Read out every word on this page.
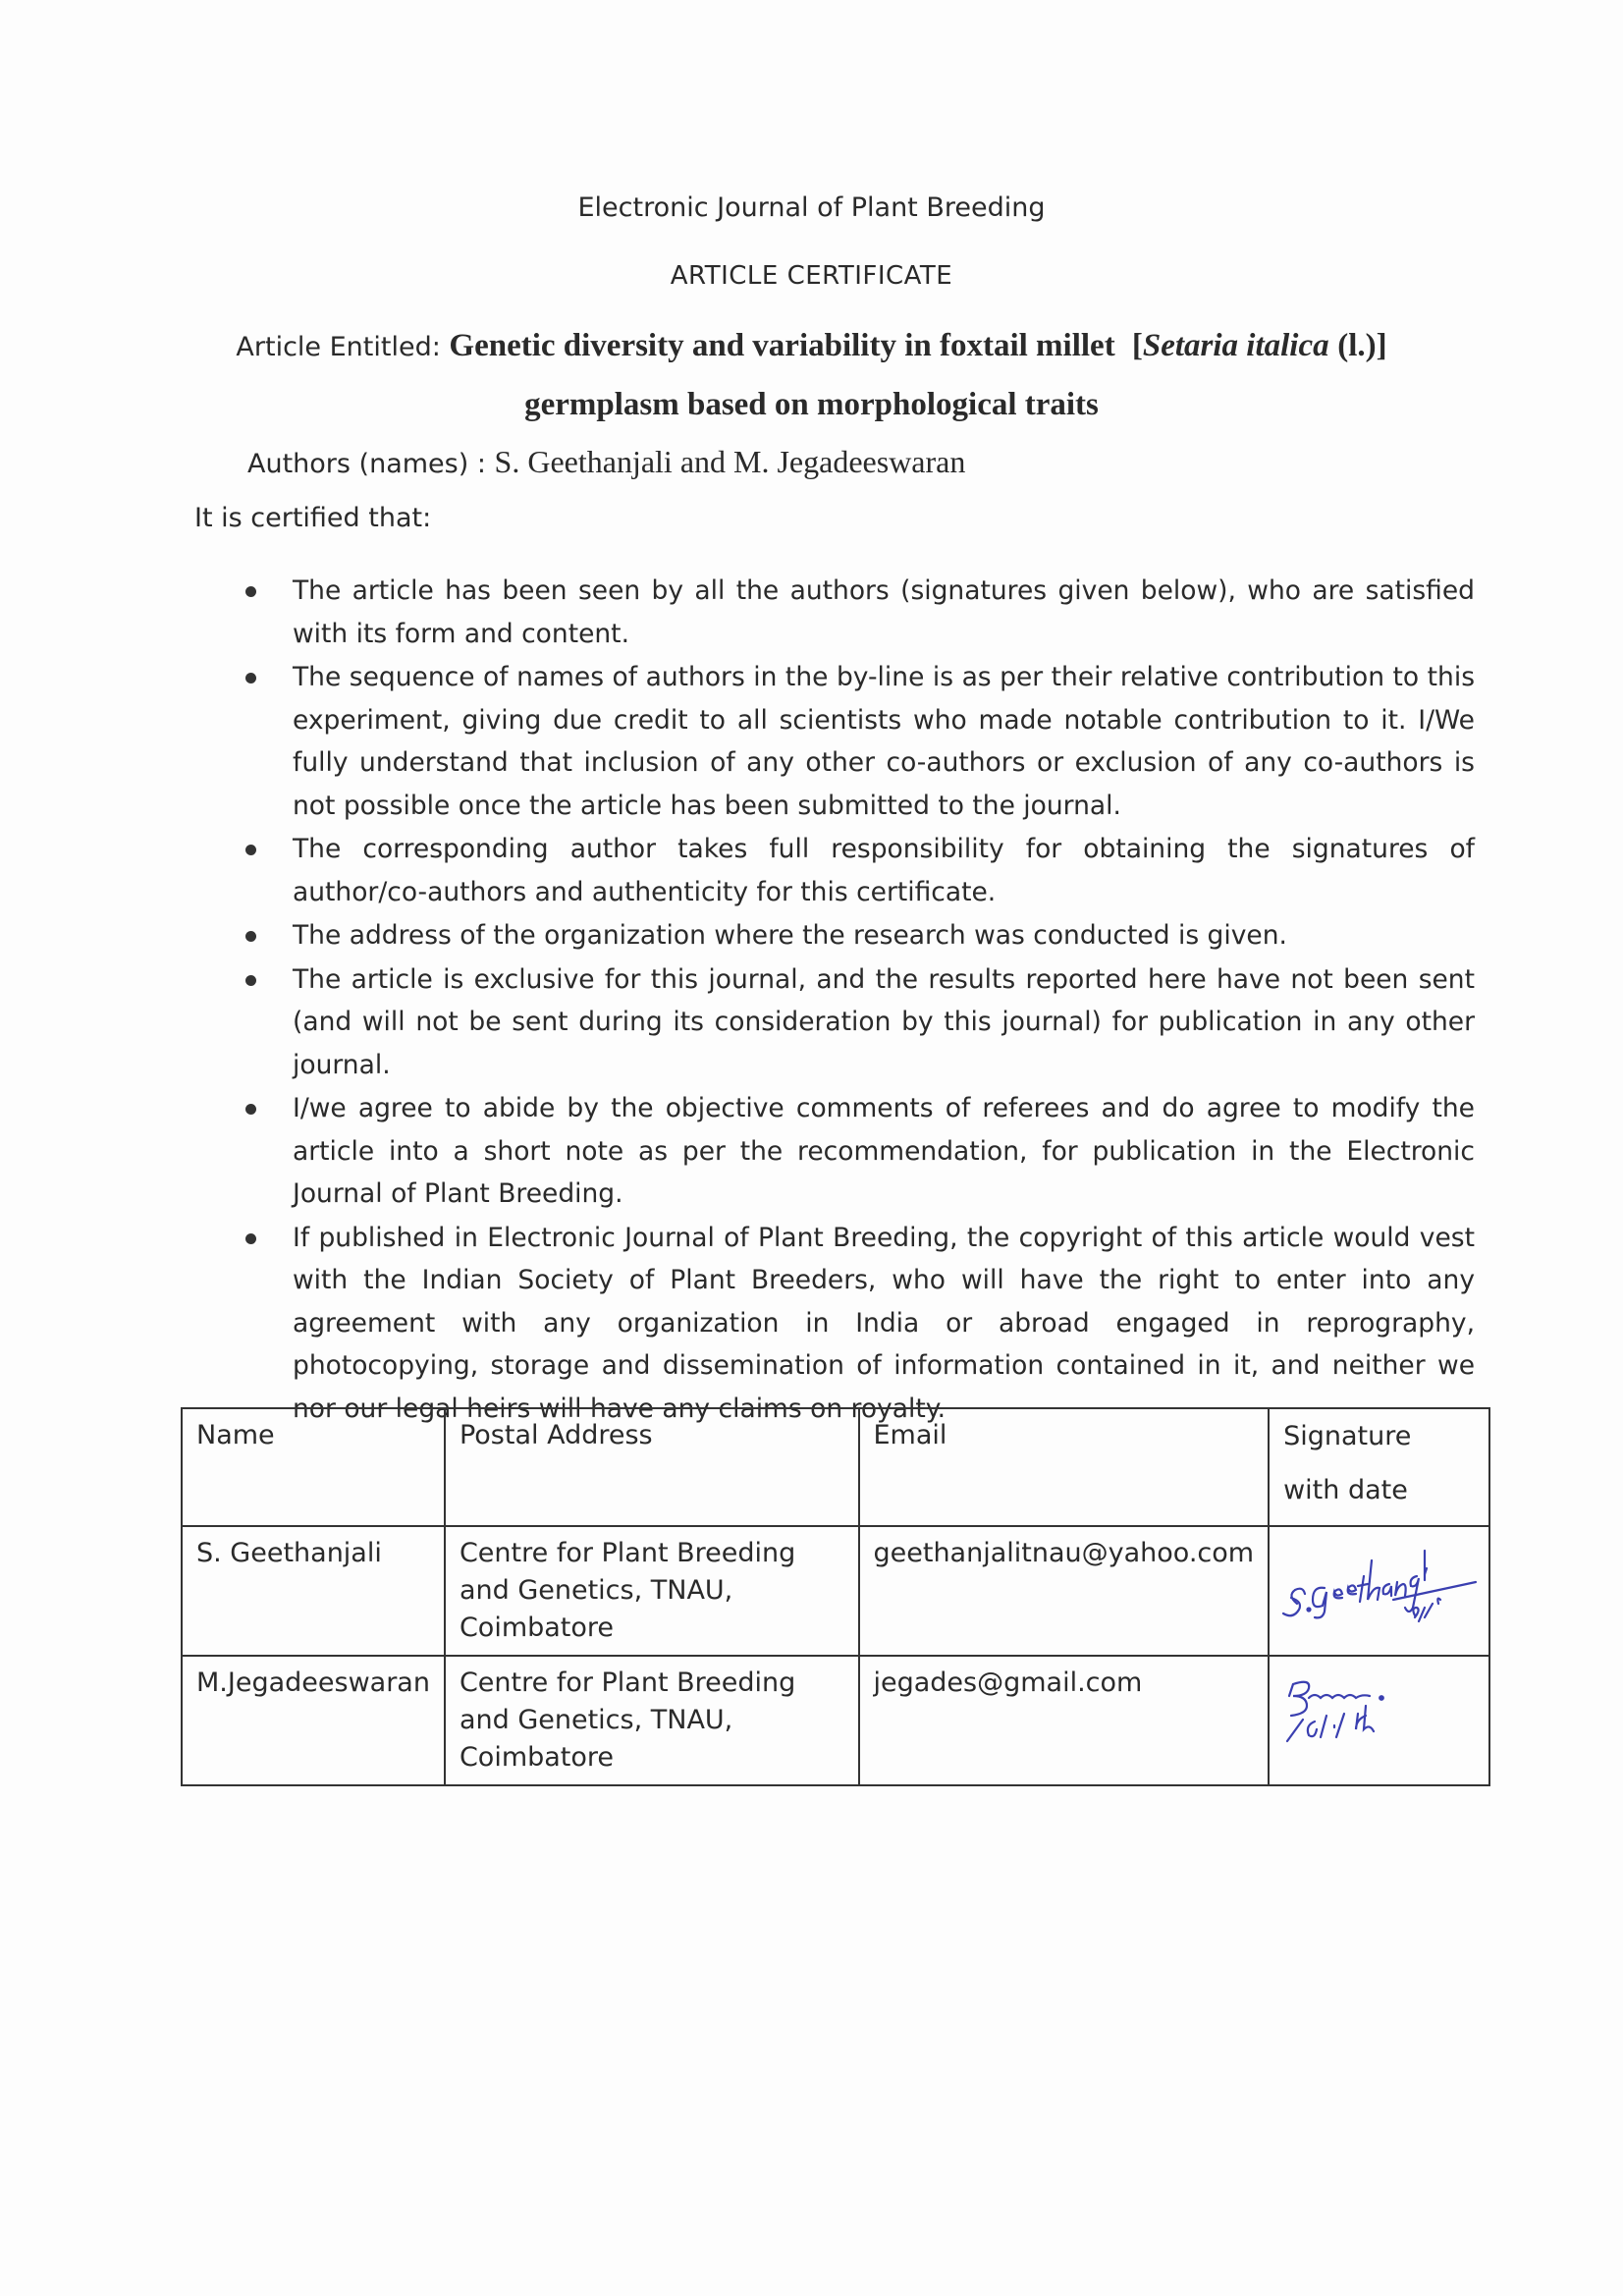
Electronic Journal of Plant Breeding
ARTICLE CERTIFICATE
Article Entitled: Genetic diversity and variability in foxtail millet [Setaria italica (l.)]
germplasm based on morphological traits
Authors (names) : S. Geethanjali and M. Jegadeeswaran
It is certified that:
The article has been seen by all the authors (signatures given below), who are satisfied with its form and content.
The sequence of names of authors in the by-line is as per their relative contribution to this experiment, giving due credit to all scientists who made notable contribution to it. I/We fully understand that inclusion of any other co-authors or exclusion of any co-authors is not possible once the article has been submitted to the journal.
The corresponding author takes full responsibility for obtaining the signatures of author/co-authors and authenticity for this certificate.
The address of the organization where the research was conducted is given.
The article is exclusive for this journal, and the results reported here have not been sent (and will not be sent during its consideration by this journal) for publication in any other journal.
I/we agree to abide by the objective comments of referees and do agree to modify the article into a short note as per the recommendation, for publication in the Electronic Journal of Plant Breeding.
If published in Electronic Journal of Plant Breeding, the copyright of this article would vest with the Indian Society of Plant Breeders, who will have the right to enter into any agreement with any organization in India or abroad engaged in reprography, photocopying, storage and dissemination of information contained in it, and neither we nor our legal heirs will have any claims on royalty.
Name	Postal Address	Email	Signature with date
S. Geethanjali	Centre for Plant Breeding and Genetics, TNAU, Coimbatore	geethanjalitnau@yahoo.com	

M.Jegadeeswaran	Centre for Plant Breeding and Genetics, TNAU, Coimbatore	jegades@gmail.com	
